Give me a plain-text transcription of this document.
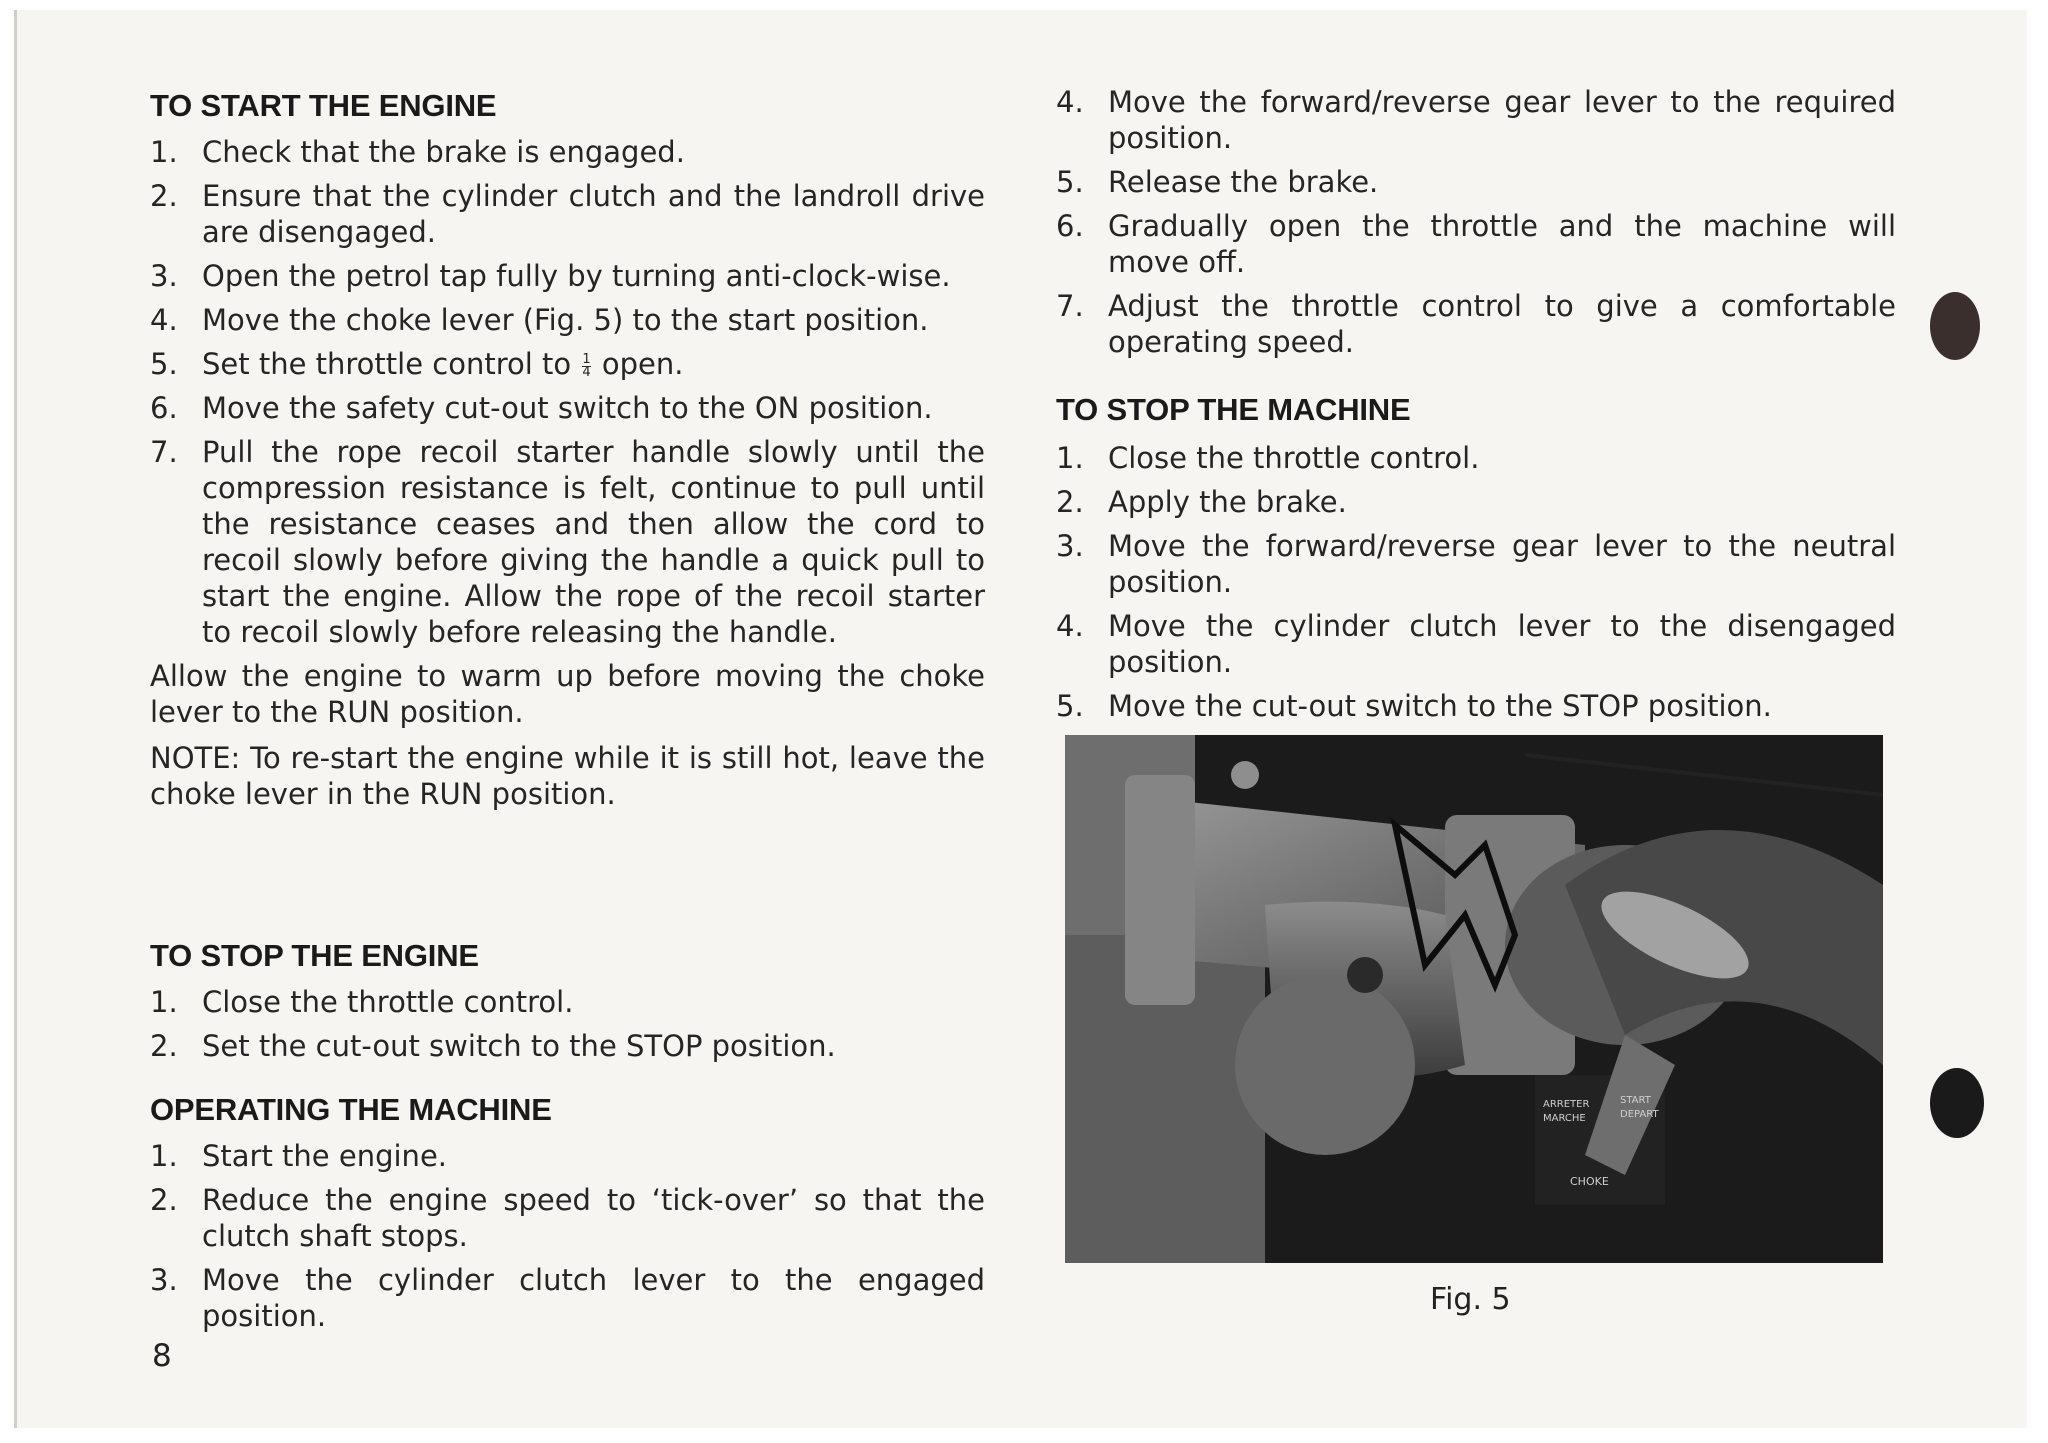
TO START THE ENGINE
1. Check that the brake is engaged.
2. Ensure that the cylinder clutch and the landroll drive are disengaged.
3. Open the petrol tap fully by turning anti-clock-wise.
4. Move the choke lever (Fig. 5) to the start position.
5. Set the throttle control to $\frac{1}{4}$ open.
6. Move the safety cut-out switch to the ON position.
7. Pull the rope recoil starter handle slowly until the compression resistance is felt, continue to pull until the resistance ceases and then allow the cord to recoil slowly before giving the handle a quick pull to start the engine. Allow the rope of the recoil starter to recoil slowly before releasing the handle.

Allow the engine to warm up before moving the choke lever to the RUN position.

NOTE: To re-start the engine while it is still hot, leave the choke lever in the RUN position.

TO STOP THE ENGINE
1. Close the throttle control.
2. Set the cut-out switch to the STOP position.
OPERATING THE MACHINE
1. Start the engine.
2. Reduce the engine speed to ‘tick-over’ so that the clutch shaft stops.
3. Move the cylinder clutch lever to the engaged position.
8
4. Move the forward/reverse gear lever to the required position.
5. Release the brake.
6. Gradually open the throttle and the machine will move off.
7. Adjust the throttle control to give a comfortable operating speed.
TO STOP THE MACHINE
1. Close the throttle control.
2. Apply the brake.
3. Move the forward/reverse gear lever to the neutral position.
4. Move the cylinder clutch lever to the disengaged position.
5. Move the cut-out switch to the STOP position.
ARRETER
MARCHE
START
DEPART
CHOKE
Fig. 5
